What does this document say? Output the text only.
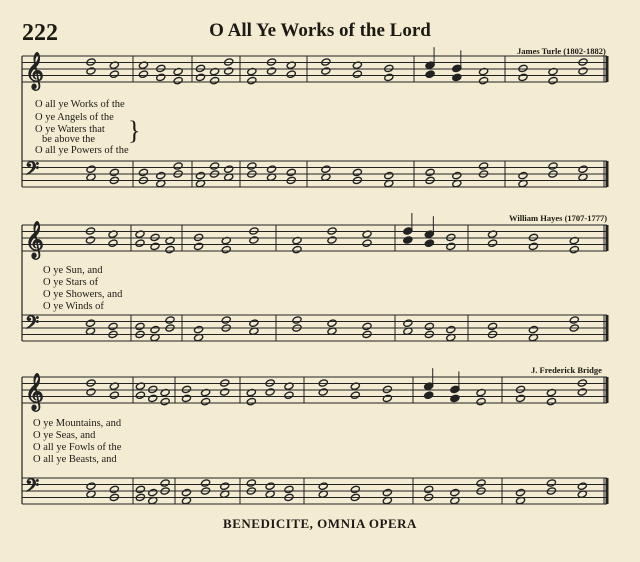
222	O All Ye Works of the Lord
James Turle (1802-1882)
William Hayes (1707-1777)
J. Frederick Bridge
𝄞
𝄢
𝄞
𝄢
𝄞
𝄢
O all ye Works of the
O ye Angels of the
O ye Waters that
be above the }
O all ye Powers of the
O ye Sun, and
O ye Stars of
O ye Showers, and
O ye Winds of
O ye Mountains, and
O ye Seas, and
O all ye Fowls of the
O all ye Beasts, and
BENEDICITE, OMNIA OPERA
